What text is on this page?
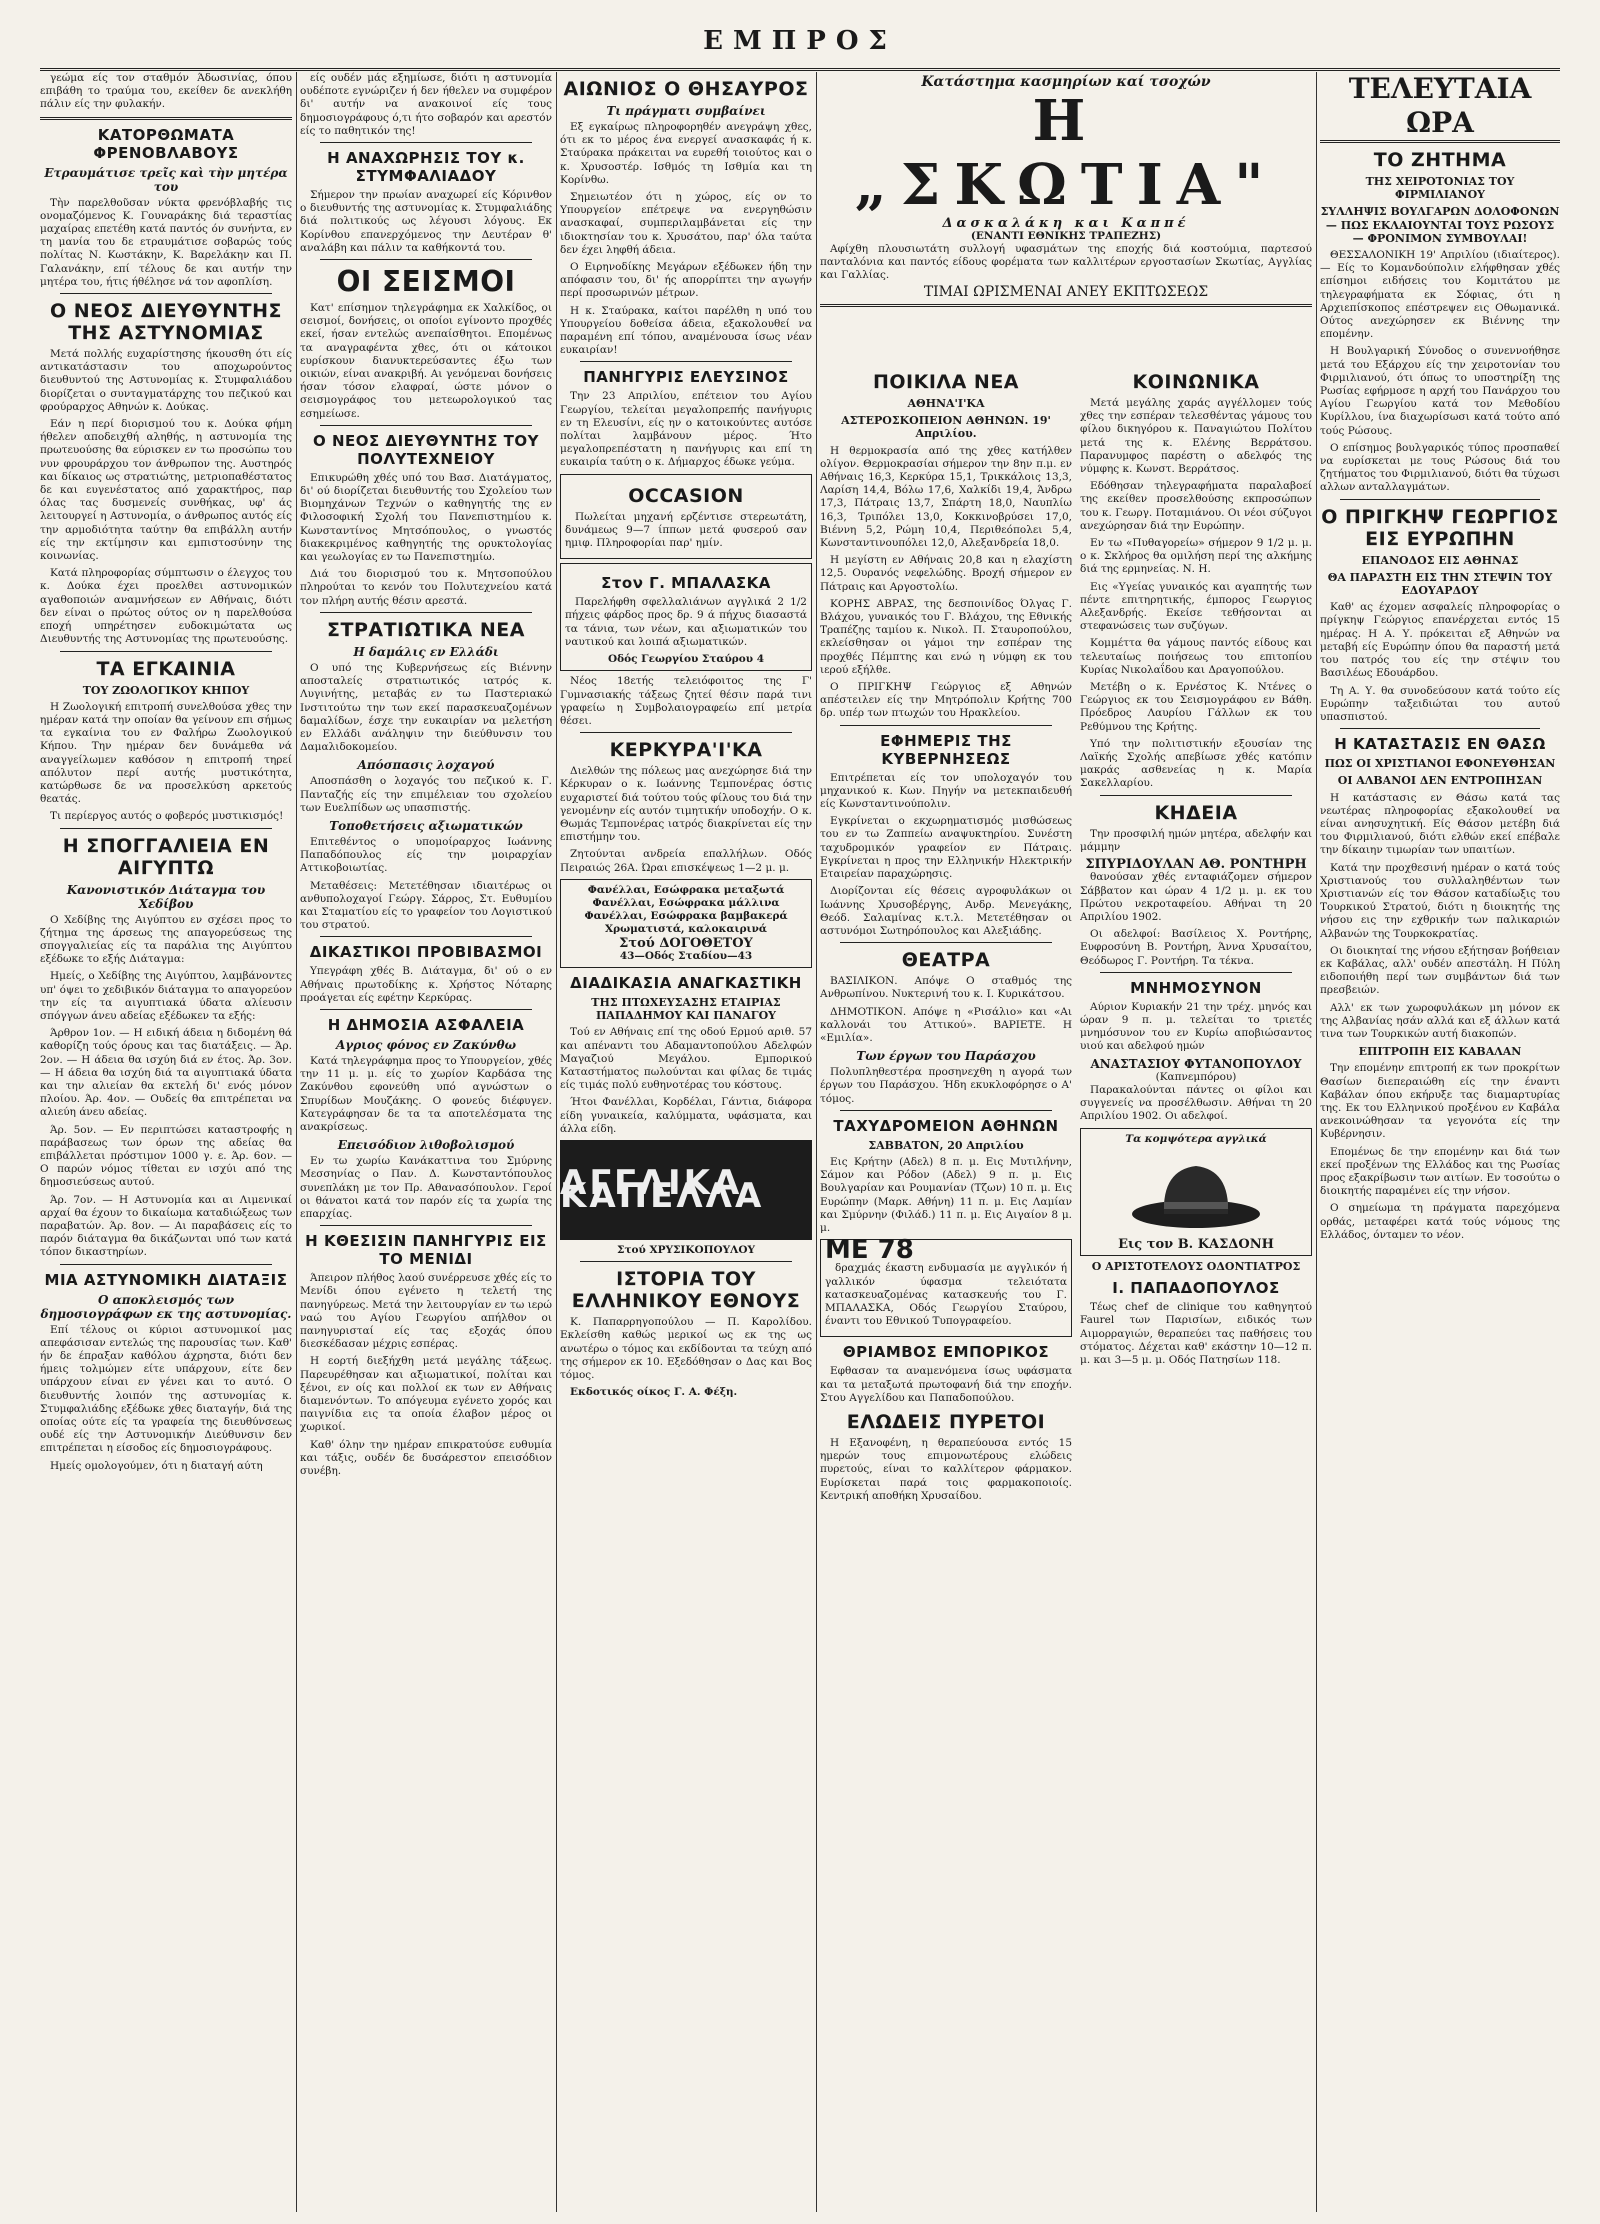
ΕΜΠΡΟΣ

γεώμα είς τον σταθμόν Άδωσινίας, όπου επιβάθη το τραύμα του, εκείθεν δε ανεκλήθη πάλιν είς την φυλακήν.

ΚΑΤΟΡΘΩΜΑΤΑ ΦΡΕΝΟΒΛΑΒΟΥΣ
Ετραυμάτισε τρεῖς καὶ τὴν μητέρα του

Τὴν παρελθοῦσαν νύκτα φρενόβλαβής τις ονομαζόμενος Κ. Γουναράκης διά τεραστίας μαχαίρας επετέθη κατά παντός όν συνήντα, εν τη μανία του δε ετραυμάτισε σοβαρώς τούς πολίτας Ν. Κωστάκην, Κ. Βαρελάκην και Π. Γαλανάκην, επί τέλους δε και αυτήν την μητέρα του, ήτις ήθέλησε νά τον αφοπλίση.

Ο ΝΕΟΣ ΔΙΕΥΘΥΝΤΗΣ ΤΗΣ ΑΣΤΥΝΟΜΙΑΣ

Μετά πολλής ευχαρίστησης ήκουσθη ότι είς αντικατάστασιν του αποχωρούντος διευθυντού της Αστυνομίας κ. Στυμφαλιάδου διορίζεται ο συνταγματάρχης του πεζικού και φρούραρχος Αθηνών κ. Δούκας.

Εάν η περί διορισμού του κ. Δούκα φήμη ήθελεν αποδειχθή αληθής, η αστυνομία της πρωτευούσης θα εύρισκεν εν τω προσώπω του νυν φρουράρχου τον άνθρωπον της. Αυστηρός και δίκαιος ως στρατιώτης, μετριοπαθέστατος δε και ευγενέστατος από χαρακτήρος, παρ όλας τας δυσμενείς συνθήκας, υφ' άς λειτουργεί η Αστυνομία, ο άνθρωπος αυτός είς την αρμοδιότητα ταύτην θα επιβάλλη αυτήν είς την εκτίμησιν και εμπιστοσύνην της κοινωνίας.

Κατά πληροφορίας σύμπτωσιν ο έλεγχος του κ. Δούκα έχει προελθει αστυνομικών αγαθοποιών αναμνήσεων εν Αθήναις, διότι δεν είναι ο πρώτος ούτος ον η παρελθούσα εποχή υπηρέτησεν ευδοκιμώτατα ως Διευθυντής της Αστυνομίας της πρωτευούσης.

ΤΑ ΕΓΚΑΙΝΙΑ
ΤΟΥ ΖΩΟΛΟΓΙΚΟΥ ΚΗΠΟΥ

Η Ζωολογική επιτροπή συνελθούσα χθες την ημέραν κατά την οποίαν θα γείνουν επι σήμως τα εγκαίνια του εν Φαλήρω Ζωολογικού Κήπου. Την ημέραν δεν δυνάμεθα νά αναγγείλωμεν καθόσον η επιτροπή τηρεί απόλυτον περί αυτής μυστικότητα, κατώρθωσε δε να προσελκύση αρκετούς θεατάς.

Τι περίεργος αυτός ο φοβερός μυστικισμός!

Η ΣΠΟΓΓΑΛΙΕΙΑ ΕΝ ΑΙΓΥΠΤΩ
Κανονιστικόν Διάταγμα του Χεδίβου

Ο Χεδίβης της Αιγύπτου εν σχέσει προς το ζήτημα της άρσεως της απαγορεύσεως της σπογγαλιείας είς τα παράλια της Αιγύπτου εξέδωκε το εξής Διάταγμα:

Ημείς, ο Χεδίβης της Αιγύπτου, λαμβάνοντες υπ' όψει το χεδιβικόν διάταγμα το απαγορεύον την είς τα αιγυπτιακά ύδατα αλίευσιν σπόγγων άνευ αδείας εξέδωκεν τα εξής:

Άρθρον 1ον. — Η ειδική άδεια η διδομένη θά καθορίζη τούς όρους και τας διατάξεις. — Άρ. 2ον. — Η άδεια θα ισχύη διά εν έτος. Άρ. 3ον. — Η άδεια θα ισχύη διά τα αιγυπτιακά ύδατα και την αλιείαν θα εκτελή δι' ενός μόνον πλοίου. Άρ. 4ον. — Ουδείς θα επιτρέπεται να αλιεύη άνευ αδείας.

Άρ. 5ον. — Εν περιπτώσει καταστροφής η παράβασεως των όρων της αδείας θα επιβάλλεται πρόστιμον 1000 γ. ε. Άρ. 6ον. — Ο παρών νόμος τίθεται εν ισχύι από της δημοσιεύσεως αυτού.

Άρ. 7ον. — Η Αστυνομία και αι Λιμενικαί αρχαί θα έχουν το δικαίωμα καταδιώξεως των παραβατών. Άρ. 8ον. — Αι παραβάσεις είς το παρόν διάταγμα θα δικάζωνται υπό των κατά τόπον δικαστηρίων.

ΜΙΑ ΑΣΤΥΝΟΜΙΚΗ ΔΙΑΤΑΞΙΣ
Ο αποκλεισμός των δημοσιογράφων εκ της αστυνομίας.

Επί τέλους οι κύριοι αστυνομικοί μας απεφάσισαν εντελώς της παρουσίας των. Καθ' ήν δε έπραξαν καθόλου άχρηστα, διότι δεν ήμεις τολμώμεν είτε υπάρχουν, είτε δεν υπάρχουν είναι εν γένει και το αυτό. Ο διευθυντής λοιπόν της αστυνομίας κ. Στυμφαλιάδης εξέδωκε χθες διαταγήν, διά της οποίας ούτε είς τα γραφεία της διευθύνσεως ουδέ είς την Αστυνομικήν Διεύθυνσιν δεν επιτρέπεται η είσοδος είς δημοσιογράφους.

Ημείς ομολογούμεν, ότι η διαταγή αύτη

είς ουδέν μάς εξημίωσε, διότι η αστυνομία ουδέποτε εγνώριζεν ή δεν ήθελεν να συμφέρον δι' αυτήν να ανακοινοί είς τους δημοσιογράφους ό,τι ήτο σοβαρόν και αρεστόν είς το παθητικόν της!

Η ΑΝΑΧΩΡΗΣΙΣ ΤΟΥ κ. ΣΤΥΜΦΑΛΙΑΔΟΥ

Σήμερον την πρωίαν αναχωρεί είς Κόρινθον ο διευθυντής της αστυνομίας κ. Στυμφαλιάδης διά πολιτικούς ως λέγουσι λόγους. Εκ Κορίνθου επανερχόμενος την Δευτέραν θ' αναλάβη και πάλιν τα καθήκοντά του.

ΟΙ ΣΕΙΣΜΟΙ

Κατ' επίσημον τηλεγράφημα εκ Χαλκίδος, οι σεισμοί, δονήσεις, οι οποίοι εγίνοντο προχθές εκεί, ήσαν εντελώς ανεπαίσθητοι. Επομένως τα αναγραφέντα χθες, ότι οι κάτοικοι ευρίσκουν διανυκτερεύσαντες έξω των οικιών, είναι ανακριβή. Αι γενόμεναι δονήσεις ήσαν τόσον ελαφραί, ώστε μόνον ο σεισμογράφος του μετεωρολογικού τας εσημείωσε.

Ο ΝΕΟΣ ΔΙΕΥΘΥΝΤΗΣ ΤΟΥ ΠΟΛΥΤΕΧΝΕΙΟΥ

Επικυρώθη χθές υπό του Βασ. Διατάγματος, δι' ού διορίζεται διευθυντής του Σχολείου των Βιομηχάνων Τεχνών ο καθηγητής της εν Φιλοσοφική Σχολή του Πανεπιστημίου κ. Κωνσταντίνος Μητσόπουλος, ο γνωστός διακεκριμένος καθηγητής της ορυκτολογίας και γεωλογίας εν τω Πανεπιστημίω.

Διά του διορισμού του κ. Μητσοπούλου πληρούται το κενόν του Πολυτεχνείου κατά τον πλήρη αυτής θέσιν αρεστά.

ΣΤΡΑΤΙΩΤΙΚΑ ΝΕΑ
Η δαμάλις εν Ελλάδι

Ο υπό της Κυβερνήσεως είς Βιέννην αποσταλείς στρατιωτικός ιατρός κ. Λυγινήτης, μεταβάς εν τω Παστεριακώ Ινστιτούτω την των εκεί παρασκευαζομένων δαμαλίδων, έσχε την ευκαιρίαν να μελετήση εν Ελλάδι ανάληψιν την διεύθυνσιν του Δαμαλιδοκομείου.

Απόσπασις λοχαγού

Αποσπάσθη ο λοχαγός του πεζικού κ. Γ. Πανταζής είς την επιμέλειαν του σχολείου των Ευελπίδων ως υπασπιστής.

Τοποθετήσεις αξιωματικών

Επιτεθέντος ο υπομοίραρχος Ιωάννης Παπαδόπουλος είς την μοιραρχίαν Αττικοβοιωτίας.

Μεταθέσεις: Μετετέθησαν ιδιαιτέρως οι ανθυπολοχαγοί Γεώργ. Σάρρος, Στ. Ευθυμίου και Σταματίου είς το γραφείον του Λογιστικού του στρατού.

ΔΙΚΑΣΤΙΚΟΙ ΠΡΟΒΙΒΑΣΜΟΙ

Υπεγράφη χθές Β. Διάταγμα, δι' ού ο εν Αθήναις πρωτοδίκης κ. Χρήστος Νόταρης προάγεται είς εφέτην Κερκύρας.

Η ΔΗΜΟΣΙΑ ΑΣΦΑΛΕΙΑ
Αγριος φόνος εν Ζακύνθω

Κατά τηλεγράφημα προς το Υπουργείον, χθές την 11 μ. μ. είς το χωρίον Καρδάσα της Ζακύνθου εφονεύθη υπό αγνώστων ο Σπυρίδων Μουζάκης. Ο φονεύς διέφυγεν. Κατεγράφησαν δε τα τα αποτελέσματα της ανακρίσεως.

Επεισόδιον λιθοβολισμού

Εν τω χωρίω Κανάκαττινα του Σμύρνης Μεσσηνίας ο Παν. Δ. Κωνσταντόπουλος συνεπλάκη με τον Πρ. Αθανασόπουλον. Γεροί οι θάνατοι κατά τον παρόν είς τα χωρία της επαρχίας.

Η ΚΘΕΣΙΣΙΝ ΠΑΝΗΓΥΡΙΣ ΕΙΣ ΤΟ ΜΕΝΙΔΙ

Άπειρον πλήθος λαού συνέρρευσε χθές είς το Μενίδι όπου εγένετο η τελετή της πανηγύρεως. Μετά την λειτουργίαν εν τω ιερώ ναώ του Αγίου Γεωργίου απήλθον οι πανηγυρισταί είς τας εξοχάς όπου διεσκέδασαν μέχρις εσπέρας.

Η εορτή διεξήχθη μετά μεγάλης τάξεως. Παρευρέθησαν και αξιωματικοί, πολίται και ξένοι, εν οίς και πολλοί εκ των εν Αθήναις διαμενόντων. Το απόγευμα εγένετο χορός και παιγνίδια εις τα οποία έλαβον μέρος οι χωρικοί.

Καθ' όλην την ημέραν επικρατούσε ευθυμία και τάξις, ουδέν δε δυσάρεστον επεισόδιον συνέβη.

ΑΙΩΝΙΟΣ Ο ΘΗΣΑΥΡΟΣ
Τι πράγματι συμβαίνει

Εξ εγκαίρως πληροφορηθέν ανεγράψη χθες, ότι εκ το μέρος ένα ενεργεί ανασκαφάς ή κ. Σταύρακα πράκειται να ευρεθή τοιούτος και ο κ. Χρυσοστέρ. Ισθμός τη Ισθμία και τη Κορίνθω.

Σημειωτέον ότι η χώρος, είς ον το Υπουργείον επέτρεψε να ενεργηθώσιν ανασκαφαί, συμπεριλαμβάνεται είς την ιδιοκτησίαν του κ. Χρυσάτου, παρ' όλα ταύτα δεν έχει ληφθή άδεια.

Ο Ειρηνοδίκης Μεγάρων εξέδωκεν ήδη την απόφασιν του, δι' ής απορρίπτει την αγωγήν περί προσωρινών μέτρων.

Η κ. Σταύρακα, καίτοι παρέλθη η υπό του Υπουργείου δοθείσα άδεια, εξακολουθεί να παραμένη επί τόπου, αναμένουσα ίσως νέαν ευκαιρίαν!

ΠΑΝΗΓΥΡΙΣ ΕΛΕΥΣΙΝΟΣ

Την 23 Απριλίου, επέτειον του Αγίου Γεωργίου, τελείται μεγαλοπρεπής πανήγυρις εν τη Ελευσίνι, είς ην ο κατοικούντες αυτόσε πολίται λαμβάνουν μέρος. Ήτο μεγαλοπρεπέστατη η πανήγυρις και επί τη ευκαιρία ταύτη ο κ. Δήμαρχος έδωκε γεύμα.

OCCASION

Πωλείται μηχανή ερζέντισε στερεωτάτη, δυνάμεως 9—7 ίππων μετά φυσερού σαν ημιφ. Πληροφορίαι παρ' ημίν.

Στον Γ. ΜΠΑΛΑΣΚΑ

Παρελήφθη σφελλαλιάνων αγγλικά 2 1/2 πήχεις φάρδος προς δρ. 9 ά πήχυς διασαστά τα τάνια, των νέων, και αξιωματικών του ναυτικού και λοιπά αξιωματικών.

Οδός Γεωργίου Σταύρου 4

Νέος 18ετής τελειόφοιτος της Γ' Γυμνασιακής τάξεως ζητεί θέσιν παρά τινι γραφείω η Συμβολαιογραφείω επί μετρία θέσει.

ΚΕΡΚΥΡΑ'Ι'ΚΑ

Διελθών της πόλεως μας ανεχώρησε διά την Κέρκυραν ο κ. Ιωάννης Τεμπονέρας όστις ευχαριστεί διά τούτου τούς φίλους του διά την γενομένην είς αυτόν τιμητικήν υποδοχήν. Ο κ. Θωμάς Τεμπονέρας ιατρός διακρίνεται είς την επιστήμην του.

Ζητούνται ανδρεία επαλλήλων. Οδός Πειραιώς 26Α. Ώραι επισκέψεως 1—2 μ. μ.

Φανέλλαι, Εσώφρακα μεταξωτά
Φανέλλαι, Εσώφρακα μάλλινα
Φανέλλαι, Εσώφρακα βαμβακερά
Χρωματιστά, καλοκαιρινά
Στού ΔΟΓΟΘΕΤΟΥ
43—Οδός Σταδίου—43
ΔΙΑΔΙΚΑΣΙΑ ΑΝΑΓΚΑΣΤΙΚΗ
ΤΗΣ ΠΤΩΧΕΥΣΑΣΗΣ ΕΤΑΙΡΙΑΣ ΠΑΠΑΔΗΜΟΥ ΚΑΙ ΠΑΝΑΓΟΥ

Τού εν Αθήναις επί της οδού Ερμού αριθ. 57 και απέναντι του Αδαμαντοπούλου Αδελφών Μαγαζιού Μεγάλου. Εμπορικού Καταστήματος πωλούνται και φίλας δε τιμάς είς τιμάς πολύ ευθηνοτέρας του κόστους.

Ήτοι Φανέλλαι, Κορδέλαι, Γάντια, διάφορα είδη γυναικεία, καλύμματα, υφάσματα, και άλλα είδη.

ΑΓΓΛΙΚΑ ΚΑΠΕΛΛΑ
Στού ΧΡΥΣΙΚΟΠΟΥΛΟΥ
ΙΣΤΟΡΙΑ ΤΟΥ ΕΛΛΗΝΙΚΟΥ ΕΘΝΟΥΣ

Κ. Παπαρρηγοπούλου — Π. Καρολίδου. Εκλείσθη καθώς μερικοί ως εκ της ως ανωτέρω ο τόμος και εκδίδονται τα τεύχη από της σήμερον εκ 10. Εξεδόθησαν ο Δας και Βος τόμος.

Εκδοτικός οίκος Γ. Α. Φέξη.

Κατάστημα κασμηρίων καί τσοχών
Η „ΣΚΩΤΙΑ"
Δασκαλάκη και Καππέ
(ΕΝΑΝΤΙ ΕΘΝΙΚΗΣ ΤΡΑΠΕΖΗΣ)

Αφίχθη πλουσιωτάτη συλλογή υφασμάτων της εποχής διά κοστούμια, παρτεσού πανταλόνια και παντός είδους φορέματα των καλλιτέρων εργοστασίων Σκωτίας, Αγγλίας και Γαλλίας.

ΤΙΜΑΙ ΩΡΙΣΜΕΝΑΙ ΑΝΕΥ ΕΚΠΤΩΣΕΩΣ
ΠΟΙΚΙΛΑ ΝΕΑ
ΑΘΗΝΑ'Ι'ΚΑ
ΑΣΤΕΡΟΣΚΟΠΕΙΟΝ ΑΘΗΝΩΝ. 19' Απριλίου.

Η θερμοκρασία από της χθες κατήλθεν ολίγον. Θερμοκρασίαι σήμερον την 8ην π.μ. εν Αθήναις 16,3, Κερκύρα 15,1, Τρικκάλοις 13,3, Λαρίση 14,4, Βόλω 17,6, Χαλκίδι 19,4, Άνδρω 17,3, Πάτραις 13,7, Σπάρτη 18,0, Ναυπλίω 16,3, Τριπόλει 13,0, Κοκκινοβρύσει 17,0, Βιέννη 5,2, Ρώμη 10,4, Περιθεόπολει 5,4, Κωνσταντινουπόλει 12,0, Αλεξανδρεία 18,0.

Η μεγίστη εν Αθήναις 20,8 και η ελαχίστη 12,5. Ουρανός νεφελώδης. Βροχή σήμερον εν Πάτραις και Αργοστολίω.

ΚΟΡΗΣ ΑΒΡΑΣ, της δεσποινίδος Όλγας Γ. Βλάχου, γυναικός του Γ. Βλάχου, της Εθνικής Τραπέζης ταμίου κ. Νικολ. Π. Σταυροπούλου, εκλείσθησαν οι γάμοι την εσπέραν της προχθές Πέμπτης και ενώ η νύμφη εκ του ιερού εξήλθε.

Ο ΠΡΙΓΚΗΨ Γεώργιος εξ Αθηνών απέστειλεν είς την Μητρόπολιν Κρήτης 700 δρ. υπέρ των πτωχών του Ηρακλείου.

ΕΦΗΜΕΡΙΣ ΤΗΣ ΚΥΒΕΡΝΗΣΕΩΣ

Επιτρέπεται είς τον υπολοχαγόν του μηχανικού κ. Κων. Πηγήν να μετεκπαιδευθή είς Κωνσταντινούπολιν.

Εγκρίνεται ο εκχωρηματισμός μισθώσεως του εν τω Ζαππείω αναψυκτηρίου. Συνέστη ταχυδρομικόν γραφείον εν Πάτραις. Εγκρίνεται η προς την Ελληνικήν Ηλεκτρικήν Εταιρείαν παραχώρησις.

Διορίζονται είς θέσεις αγροφυλάκων οι Ιωάννης Χρυσοβέργης, Ανδρ. Μενεγάκης, Θεόδ. Σαλαμίνας κ.τ.λ. Μετετέθησαν οι αστυνόμοι Σωτηρόπουλος και Αλεξιάδης.

ΘΕΑΤΡΑ

ΒΑΣΙΛΙΚΟΝ. Απόψε Ο σταθμός της Ανθρωπίνου. Νυκτερινή του κ. Ι. Κυρικάτσου.

ΔΗΜΟΤΙΚΟΝ. Απόψε η «Ρισάλιο» και «Αι καλλονάι του Αττικού». ΒΑΡΙΕΤΕ. Η «Εμιλία».

Των έργων του Παράσχου

Πολυπληθεστέρα προσηνεχθη η αγορά των έργων του Παράσχου. Ήδη εκυκλοφόρησε ο Α' τόμος.

ΤΑΧΥΔΡΟΜΕΙΟΝ ΑΘΗΝΩΝ
ΣΑΒΒΑΤΟΝ, 20 Απριλίου

Εις Κρήτην (Αδελ) 8 π. μ. Εις Μυτιλήνην, Σάμον και Ρόδον (Αδελ) 9 π. μ. Εις Βουλγαρίαν και Ρουμανίαν (Τζων) 10 π. μ. Εις Ευρώπην (Μαρκ. Αθήνη) 11 π. μ. Εις Λαμίαν και Σμύρνην (Φιλάδ.) 11 π. μ. Εις Αιγαίον 8 μ. μ.

ΜΕ 78

δραχμάς έκαστη ενδυμασία με αγγλικόν ή γαλλικόν ύφασμα τελειότατα κατασκευαζομένας κατασκευής του Γ. ΜΠΑΛΑΣΚΑ, Οδός Γεωργίου Σταύρου, έναντι του Εθνικού Τυπογραφείου.

ΘΡΙΑΜΒΟΣ ΕΜΠΟΡΙΚΟΣ

Εφθασαν τα αναμενόμενα ίσως υφάσματα και τα μεταξωτά πρωτοφανή διά την εποχήν. Στου Αγγελίδου και Παπαδοπούλου.

ΕΛΩΔΕΙΣ ΠΥΡΕΤΟΙ

Η Εξανοφένη, η θεραπεύουσα εντός 15 ημερών τους επιμονωτέρους ελώδεις πυρετούς, είναι το καλλίτερον φάρμακον. Ευρίσκεται παρά τοις φαρμακοποιοίς. Κεντρική αποθήκη Χρυσαίδου.

ΚΟΙΝΩΝΙΚΑ

Μετά μεγάλης χαράς αγγέλλομεν τούς χθες την εσπέραν τελεσθέντας γάμους του φίλου δικηγόρου κ. Παναγιώτου Πολίτου μετά της κ. Ελένης Βερράτσου. Παρανυμφος παρέστη ο αδελφός της νύμφης κ. Κωνστ. Βερράτσος.

Εδόθησαν τηλεγραφήματα παραλαβοεί της εκείθεν προσελθούσης εκπροσώπων του κ. Γεωργ. Ποταμιάνου. Οι νέοι σύζυγοι ανεχώρησαν διά την Ευρώπην.

Εν τω «Πυθαγορείω» σήμερον 9 1/2 μ. μ. ο κ. Σκλήρος θα ομιλήση περί της αλκήμης διά της ερμηνείας. Ν. Η.

Εις «Υγείας γυναικός και αγαπητής των πέντε επιτηρητικής, έμπορος Γεωργιος Αλεξανδρής. Εκείσε τεθήσονται αι στεφανώσεις των συζύγων.

Κομμέττα θα γάμους παντός είδους και τελευταίως ποιήσεως του επιτοπίου Κυρίας Νικολαΐδου και Δραγοπούλου.

Μετέβη ο κ. Ερνέστος Κ. Ντένες ο Γεώργιος εκ του Σεισμογράφου εν Βάθη. Πρόεδρος Λαυρίου Γάλλων εκ του Ρεθύμνου της Κρήτης.

Υπό την πολιτιστικήν εξουσίαν της Λαϊκής Σχολής απεβίωσε χθές κατόπιν μακράς ασθενείας η κ. Μαρία Σακελλαρίου.

ΚΗΔΕΙΑ

Την προσφιλή ημών μητέρα, αδελφήν και μάμμην

ΣΠΥΡΙΔΟΥΛΑΝ ΑΘ. ΡΟΝΤΗΡΗ

θανούσαν χθές ενταφιάζομεν σήμερον Σάββατον και ώραν 4 1/2 μ. μ. εκ του Πρώτου νεκροταφείου. Αθήναι τη 20 Απριλίου 1902.

Οι αδελφοί: Βασίλειος Χ. Ροντήρης, Ευφροσύνη Β. Ροντήρη, Άννα Χρυσαίτου, Θεόδωρος Γ. Ροντήρη. Τα τέκνα.

ΜΝΗΜΟΣΥΝΟΝ

Αύριον Κυριακήν 21 την τρέχ. μηνός και ώραν 9 π. μ. τελείται το τριετές μνημόσυνον του εν Κυρίω αποβιώσαντος υιού και αδελφού ημών

ΑΝΑΣΤΑΣΙΟΥ ΦΥΤΑΝΟΠΟΥΛΟΥ
(Καπνεμπόρου)

Παρακαλούνται πάντες οι φίλοι και συγγενείς να προσέλθωσιν. Αθήναι τη 20 Απριλίου 1902. Οι αδελφοί.

Τα κομψότερα αγγλικά
Εις τον Β. ΚΑΣΔΟΝΗ
Ο ΑΡΙΣΤΟΤΕΛΟΥΣ ΟΔΟΝΤΙΑΤΡΟΣ
Ι. ΠΑΠΑΔΟΠΟΥΛΟΣ

Τέως chef de clinique του καθηγητού Faurel των Παρισίων, ειδικός των Αιμορραγιών, θεραπεύει τας παθήσεις του στόματος. Δέχεται καθ' εκάστην 10—12 π. μ. και 3—5 μ. μ. Οδός Πατησίων 118.

ΤΕΛΕΥΤΑΙΑ ΩΡΑ
ΤΟ ΖΗΤΗΜΑ
ΤΗΣ ΧΕΙΡΟΤΟΝΙΑΣ ΤΟΥ ΦΙΡΜΙΛΙΑΝΟΥ
ΣΥΛΛΗΨΙΣ ΒΟΥΛΓΑΡΩΝ ΔΟΛΟΦΟΝΩΝ — ΠΩΣ ΕΚΛΑΙΟΥΝΤΑΙ ΤΟΥΣ ΡΩΣΟΥΣ — ΦΡΟΝΙΜΟΝ ΣΥΜΒΟΥΛΑΙ!

ΘΕΣΣΑΛΟΝΙΚΗ 19' Απριλίου (ιδιαίτερος). — Είς το Κομανδούπολιν ελήφθησαν χθές επίσημοι ειδήσεις του Κομιτάτου με τηλεγραφήματα εκ Σόφιας, ότι η Αρχιεπίσκοπος επέστρεψεν εις Οθωμανικά. Ούτος ανεχώρησεν εκ Βιέννης την επομένην.

Η Βουλγαρική Σύνοδος ο συνεννοήθησε μετά του Εξάρχου είς την χειροτονίαν του Φιρμιλιανού, ότι όπως το υποστηρίξη της Ρωσίας εφήρμοσε η αρχή του Πανάρχου του Αγίου Γεωργίου κατά τον Μεθοδίου Κυρίλλου, ίνα διαχωρίσωσι κατά τούτο από τούς Ρώσους.

Ο επίσημος βουλγαρικός τύπος προσπαθεί να ευρίσκεται με τους Ρώσους διά του ζητήματος του Φιρμιλιανού, διότι θα τύχωσι αλλων ανταλλαγμάτων.

Ο ΠΡΙΓΚΗΨ ΓΕΩΡΓΙΟΣ ΕΙΣ ΕΥΡΩΠΗΝ
ΕΠΑΝΟΔΟΣ ΕΙΣ ΑΘΗΝΑΣ
ΘΑ ΠΑΡΑΣΤΗ ΕΙΣ ΤΗΝ ΣΤΕΨΙΝ ΤΟΥ ΕΔΟΥΑΡΔΟΥ

Καθ' ας έχομεν ασφαλείς πληροφορίας ο πρίγκηψ Γεώργιος επανέρχεται εντός 15 ημέρας. Η Α. Υ. πρόκειται εξ Αθηνών να μεταβή είς Ευρώπην όπου θα παραστή μετά του πατρός του είς την στέψιν του Βασιλέως Εδουάρδου.

Τη Α. Υ. θα συνοδεύσουν κατά τούτο είς Ευρώπην ταξειδιώται του αυτού υπασπιστού.

Η ΚΑΤΑΣΤΑΣΙΣ ΕΝ ΘΑΣΩ
ΠΩΣ ΟΙ ΧΡΙΣΤΙΑΝΟΙ ΕΦΟΝΕΥΘΗΣΑΝ
ΟΙ ΑΛΒΑΝΟΙ ΔΕΝ ΕΝΤΡΟΠΗΣΑΝ

Η κατάστασις εν Θάσω κατά τας νεωτέρας πληροφορίας εξακολουθεί να είναι ανησυχητική. Είς Θάσον μετέβη διά του Φιρμιλιανού, διότι ελθών εκεί επέβαλε την δίκαιην τιμωρίαν των υπαιτίων.

Κατά την προχθεσινή ημέραν ο κατά τούς Χριστιανούς του συλλαληθέντων των Χριστιανών είς τον Θάσον καταδίωξις του Τουρκικού Στρατού, διότι η διοικητής της νήσου εις την εχθρικήν των παλικαριών Αλβανών της Τουρκοκρατίας.

Οι διοικηταί της νήσου εξήτησαν βοήθειαν εκ Καβάλας, αλλ' ουδέν απεστάλη. Η Πύλη ειδοποιήθη περί των συμβάντων διά των πρεσβειών.

Αλλ' εκ των χωροφυλάκων μη μόνον εκ της Αλβανίας ησάν αλλά και εξ άλλων κατά τινα των Τουρκικών αυτή διακοπών.

ΕΠΙΤΡΟΠΗ ΕΙΣ ΚΑΒΑΛΑΝ

Την επομένην επιτροπή εκ των προκρίτων Θασίων διεπεραιώθη είς την έναντι Καβάλαν όπου εκήρυξε τας διαμαρτυρίας της. Εκ του Ελληνικού προξένου εν Καβάλα ανεκοινώθησαν τα γεγονότα είς την Κυβέρνησιν.

Επομένως δε την επομένην και διά των εκεί προξένων της Ελλάδος και της Ρωσίας προς εξακρίβωσιν των αιτίων. Εν τοσούτω ο διοικητής παραμένει είς την νήσον.

Ο σημείωμα τη πράγματα παρεχόμενα ορθάς, μεταφέρει κατά τούς νόμους της Ελλάδος, όνταμεν το νέον.
